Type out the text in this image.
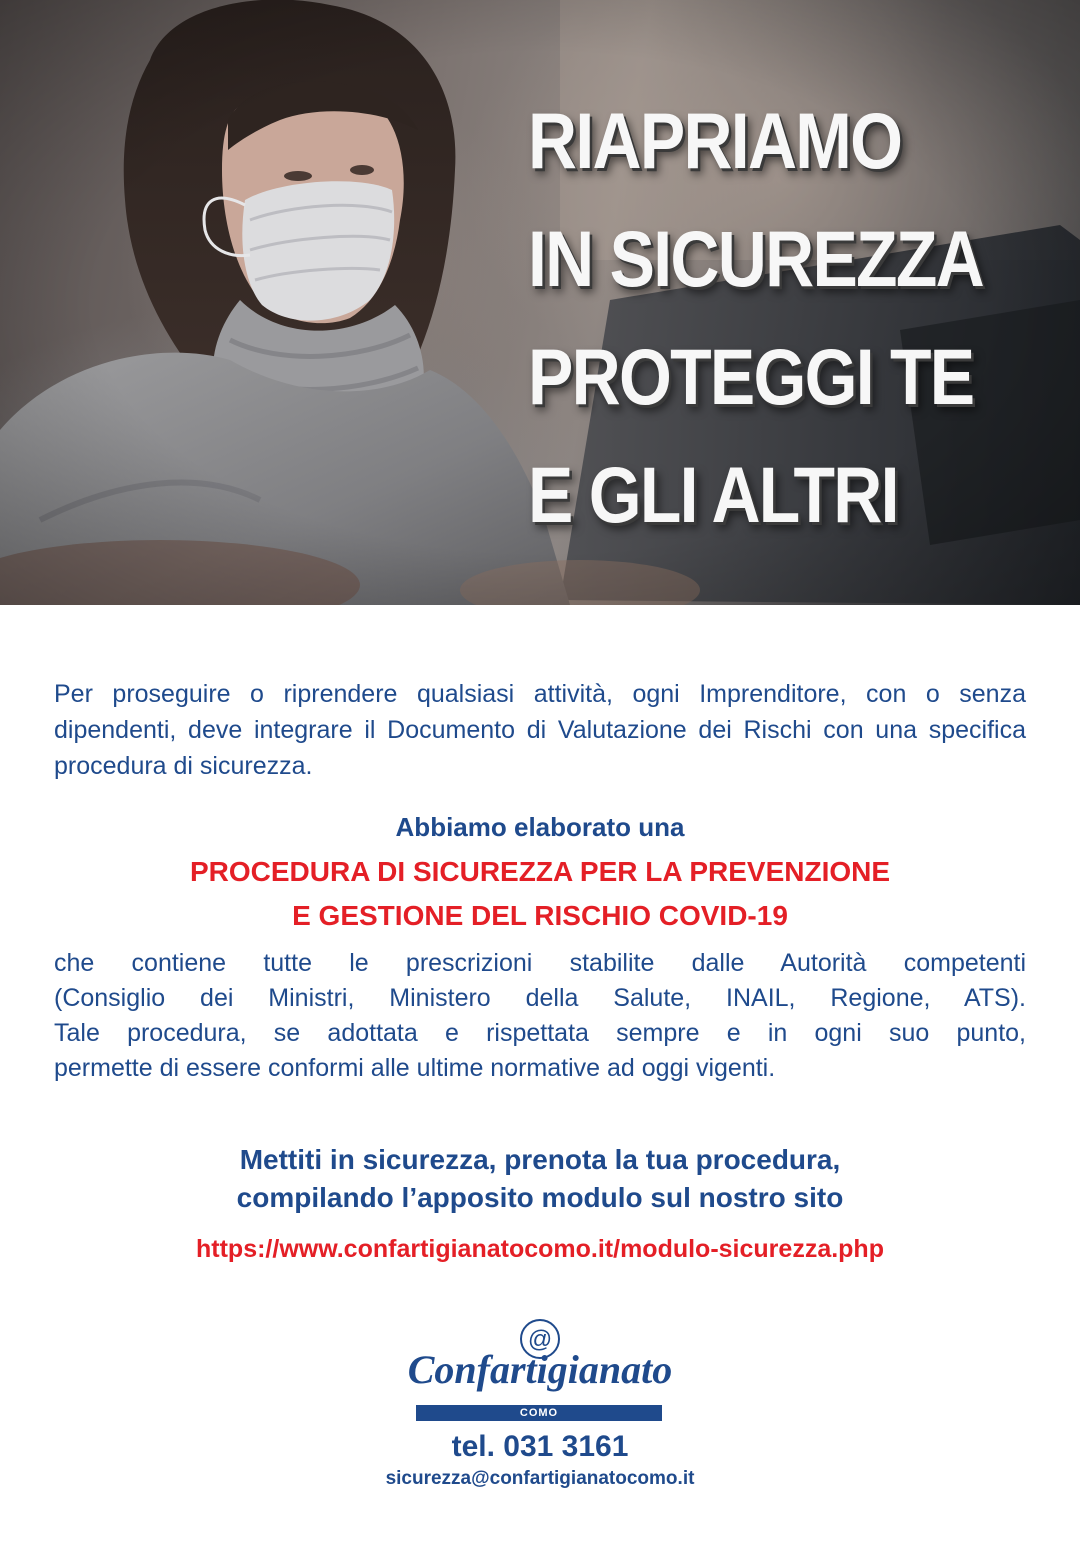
RIAPRIAMO
IN SICUREZZA
PROTEGGI TE
E GLI ALTRI

Per proseguire o riprendere qualsiasi attività, ogni Imprenditore, con o senza dipendenti, deve integrare il Documento di Valutazione dei Rischi con una specifica procedura di sicurezza.

Abbiamo elaborato una
PROCEDURA DI SICUREZZA PER LA PREVENZIONE
E GESTIONE DEL RISCHIO COVID-19
che contiene tutte le prescrizioni stabilite dalle Autorità competenti
(Consiglio dei Ministri, Ministero della Salute, INAIL, Regione, ATS).
Tale procedura, se adottata e rispettata sempre e in ogni suo punto,
permette di essere conformi alle ultime normative ad oggi vigenti.
Mettiti in sicurezza, prenota la tua procedura,
compilando l’apposito modulo sul nostro sito
https://www.confartigianatocomo.it/modulo-sicurezza.php
@
Confartigianato
COMO
tel. 031 3161
sicurezza@confartigianatocomo.it
